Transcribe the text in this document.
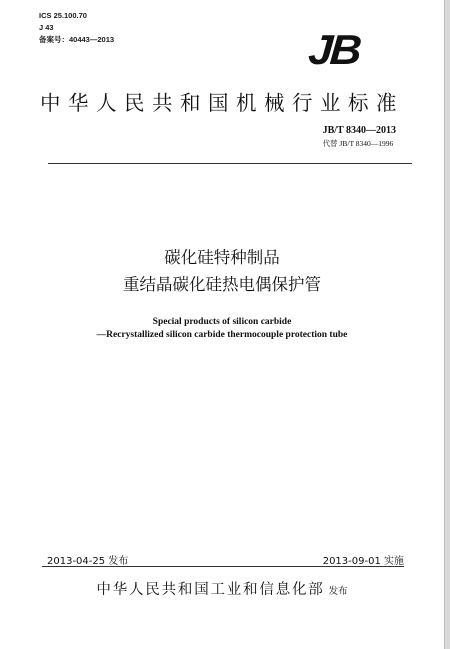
ICS 25.100.70
J 43
备案号：40443—2013	JB
中华人民共和国机械行业标准
JB/T 8340—2013
代替 JB/T 8340—1996
碳化硅特种制品
重结晶碳化硅热电偶保护管
Special products of silicon carbide
—Recrystallized silicon carbide thermocouple protection tube
2013-04-25 发布	2013-09-01 实施
中华人民共和国工业和信息化部 发布
